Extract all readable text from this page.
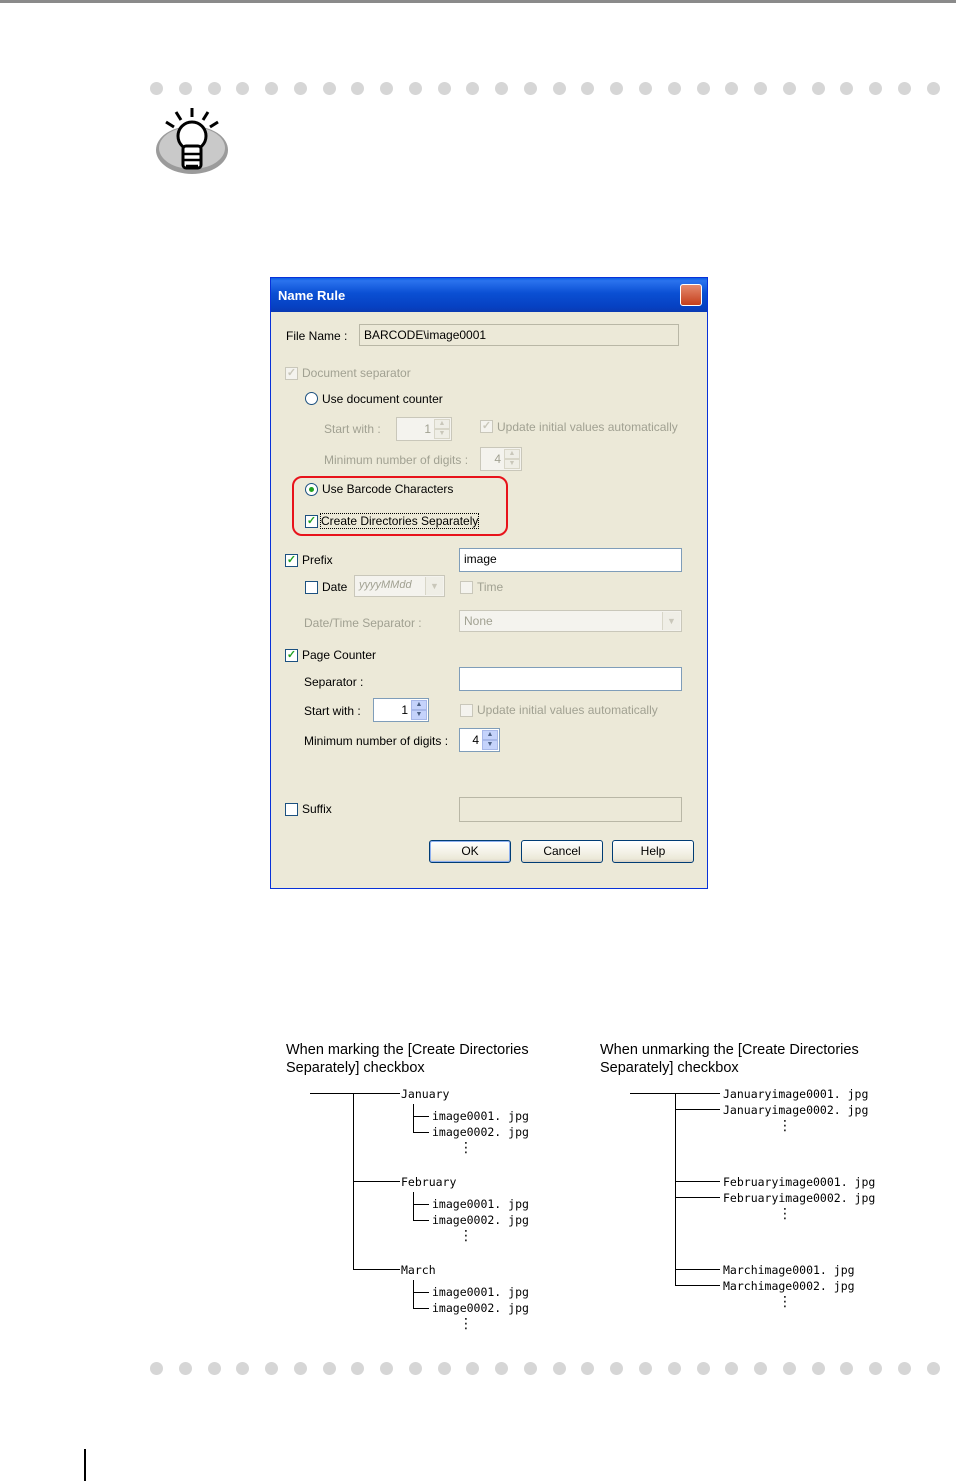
Name Rule
File Name :	BARCODE\image0001
✓ Document separator
Use document counter
Start with :	1	▲
▼
✓ Update initial values automatically
Minimum number of digits : 4	▲
▼
Use Barcode Characters
✓ Create Directories Separately
✓ Prefix	image
Date	yyyyMMdd	▼	Time
Date/Time Separator :	None	▼
✓ Page Counter
Separator :
Start with :	1	▲
▼	Update initial values automatically
Minimum number of digits : 4	▲
▼
Suffix
OK	Cancel	Help
When marking the [Create Directories
Separately] checkbox
January
image0001. jpg
image0002. jpg
⋮
February
image0001. jpg
image0002. jpg
⋮
March
image0001. jpg
image0002. jpg
⋮
When unmarking the [Create Directories
Separately] checkbox
Januaryimage0001. jpg
Januaryimage0002. jpg
⋮
Februaryimage0001. jpg
Februaryimage0002. jpg
⋮
Marchimage0001. jpg
Marchimage0002. jpg
⋮
